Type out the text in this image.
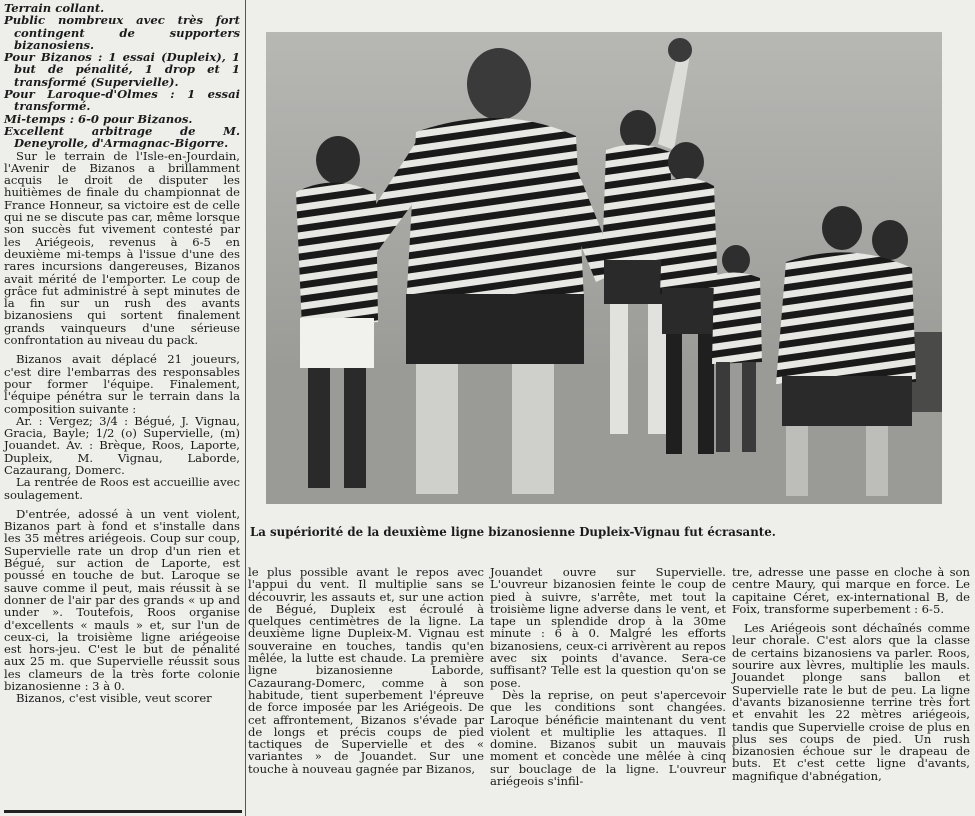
Terrain collant.

Public nombreux avec très fort contingent de supporters bizanosiens.

Pour Bizanos : 1 essai (Dupleix), 1 but de pénalité, 1 drop et 1 transformé (Supervielle).

Pour Laroque-d'Olmes : 1 essai transformé.

Mi-temps : 6-0 pour Bizanos.

Excellent arbitrage de M. Deneyrolle, d'Armagnac-Bigorre.

Sur le terrain de l'Isle-en-Jourdain, l'Avenir de Bizanos a brillamment acquis le droit de disputer les huitièmes de finale du championnat de France Honneur, sa victoire est de celle qui ne se discute pas car, même lorsque son succès fut vivement contesté par les Ariégeois, revenus à 6-5 en deuxième mi-temps à l'issue d'une des rares incursions dangereuses, Bizanos avait mérité de l'emporter. Le coup de grâce fut administré à sept minutes de la fin sur un rush des avants bizanosiens qui sortent finalement grands vainqueurs d'une sérieuse confrontation au niveau du pack.

Bizanos avait déplacé 21 joueurs, c'est dire l'embarras des responsables pour former l'équipe. Finalement, l'équipe pénétra sur le terrain dans la composition suivante :

Ar. : Vergez; 3/4 : Bégué, J. Vignau, Gracia, Bayle; 1/2 (o) Supervielle, (m) Jouandet. Av. : Brèque, Roos, Laporte, Dupleix, M. Vignau, Laborde, Cazaurang, Domerc.

La rentrée de Roos est accueillie avec soulagement.

D'entrée, adossé à un vent violent, Bizanos part à fond et s'installe dans les 35 mètres ariégeois. Coup sur coup, Supervielle rate un drop d'un rien et Bégué, sur action de Laporte, est poussé en touche de but. Laroque se sauve comme il peut, mais réussit à se donner de l'air par des grands « up and under ». Toutefois, Roos organise d'excellents « mauls » et, sur l'un de ceux-ci, la troisième ligne ariégeoise est hors-jeu. C'est le but de pénalité aux 25 m. que Supervielle réussit sous les clameurs de la très forte colonie bizanosienne : 3 à 0.

Bizanos, c'est visible, veut scorer

La supériorité de la deuxième ligne bizanosienne Dupleix-Vignau fut écrasante.

le plus possible avant le repos avec l'appui du vent. Il multiplie sans se découvrir, les assauts et, sur une action de Bégué, Dupleix est écroulé à quelques centimètres de la ligne. La deuxième ligne Dupleix-M. Vignau est souveraine en touches, tandis qu'en mêlée, la lutte est chaude. La première ligne bizanosienne Laborde, Cazaurang-Domerc, comme à son habitude, tient superbement l'épreuve de force imposée par les Ariégeois. De cet affrontement, Bizanos s'évade par de longs et précis coups de pied tactiques de Supervielle et des « variantes » de Jouandet. Sur une touche à nouveau gagnée par Bizanos,

Jouandet ouvre sur Supervielle. L'ouvreur bizanosien feinte le coup de pied à suivre, s'arrête, met tout la troisième ligne adverse dans le vent, et tape un splendide drop à la 30me minute : 6 à 0. Malgré les efforts bizanosiens, ceux-ci arrivèrent au repos avec six points d'avance. Sera-ce suffisant? Telle est la question qu'on se pose.

Dès la reprise, on peut s'apercevoir que les conditions sont changées. Laroque bénéficie maintenant du vent violent et multiplie les attaques. Il domine. Bizanos subit un mauvais moment et concède une mêlée à cinq sur bouclage de la ligne. L'ouvreur ariégeois s'infil-

tre, adresse une passe en cloche à son centre Maury, qui marque en force. Le capitaine Céret, ex-international B, de Foix, transforme superbement : 6-5.

Les Ariégeois sont déchaînés comme leur chorale. C'est alors que la classe de certains bizanosiens va parler. Roos, sourire aux lèvres, multiplie les mauls. Jouandet plonge sans ballon et Supervielle rate le but de peu. La ligne d'avants bizanosienne terrine très fort et envahit les 22 mètres ariégeois, tandis que Supervielle croise de plus en plus ses coups de pied. Un rush bizanosien échoue sur le drapeau de buts. Et c'est cette ligne d'avants, magnifique d'abnégation,
